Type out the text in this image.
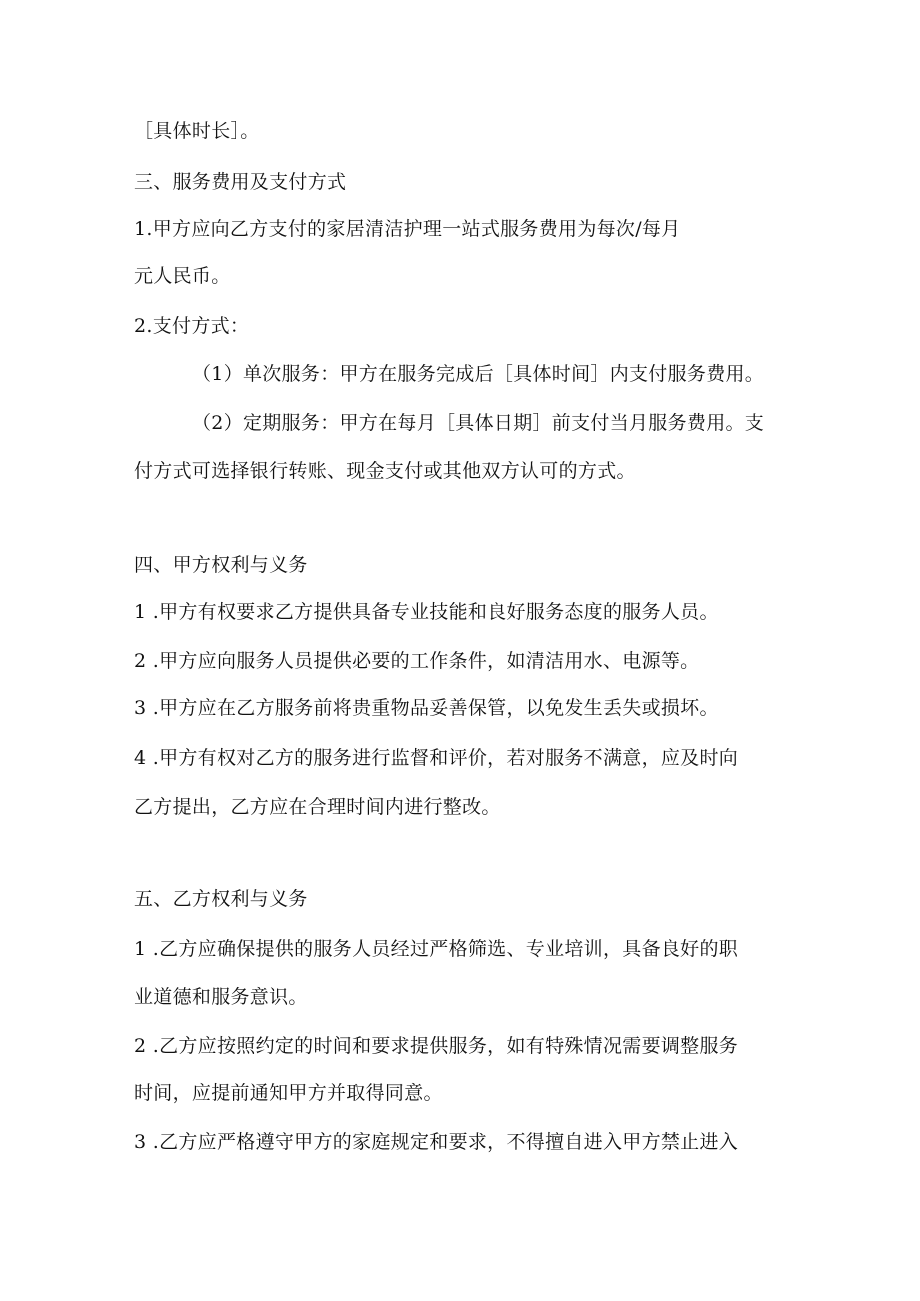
［具体时长］。
三、服务费用及支付方式
1.甲方应向乙方支付的家居清洁护理一站式服务费用为每次/每月
元人民币。
2.支付方式：
（1）单次服务：甲方在服务完成后［具体时间］内支付服务费用。
（2）定期服务：甲方在每月［具体日期］前支付当月服务费用。支
付方式可选择银行转账、现金支付或其他双方认可的方式。
四、甲方权利与义务
1 .甲方有权要求乙方提供具备专业技能和良好服务态度的服务人员。
2 .甲方应向服务人员提供必要的工作条件，如清洁用水、电源等。
3 .甲方应在乙方服务前将贵重物品妥善保管，以免发生丢失或损坏。
4 .甲方有权对乙方的服务进行监督和评价，若对服务不满意，应及时向
乙方提出，乙方应在合理时间内进行整改。
五、乙方权利与义务
1 .乙方应确保提供的服务人员经过严格筛选、专业培训，具备良好的职
业道德和服务意识。
2 .乙方应按照约定的时间和要求提供服务，如有特殊情况需要调整服务
时间，应提前通知甲方并取得同意。
3 .乙方应严格遵守甲方的家庭规定和要求，不得擅自进入甲方禁止进入
